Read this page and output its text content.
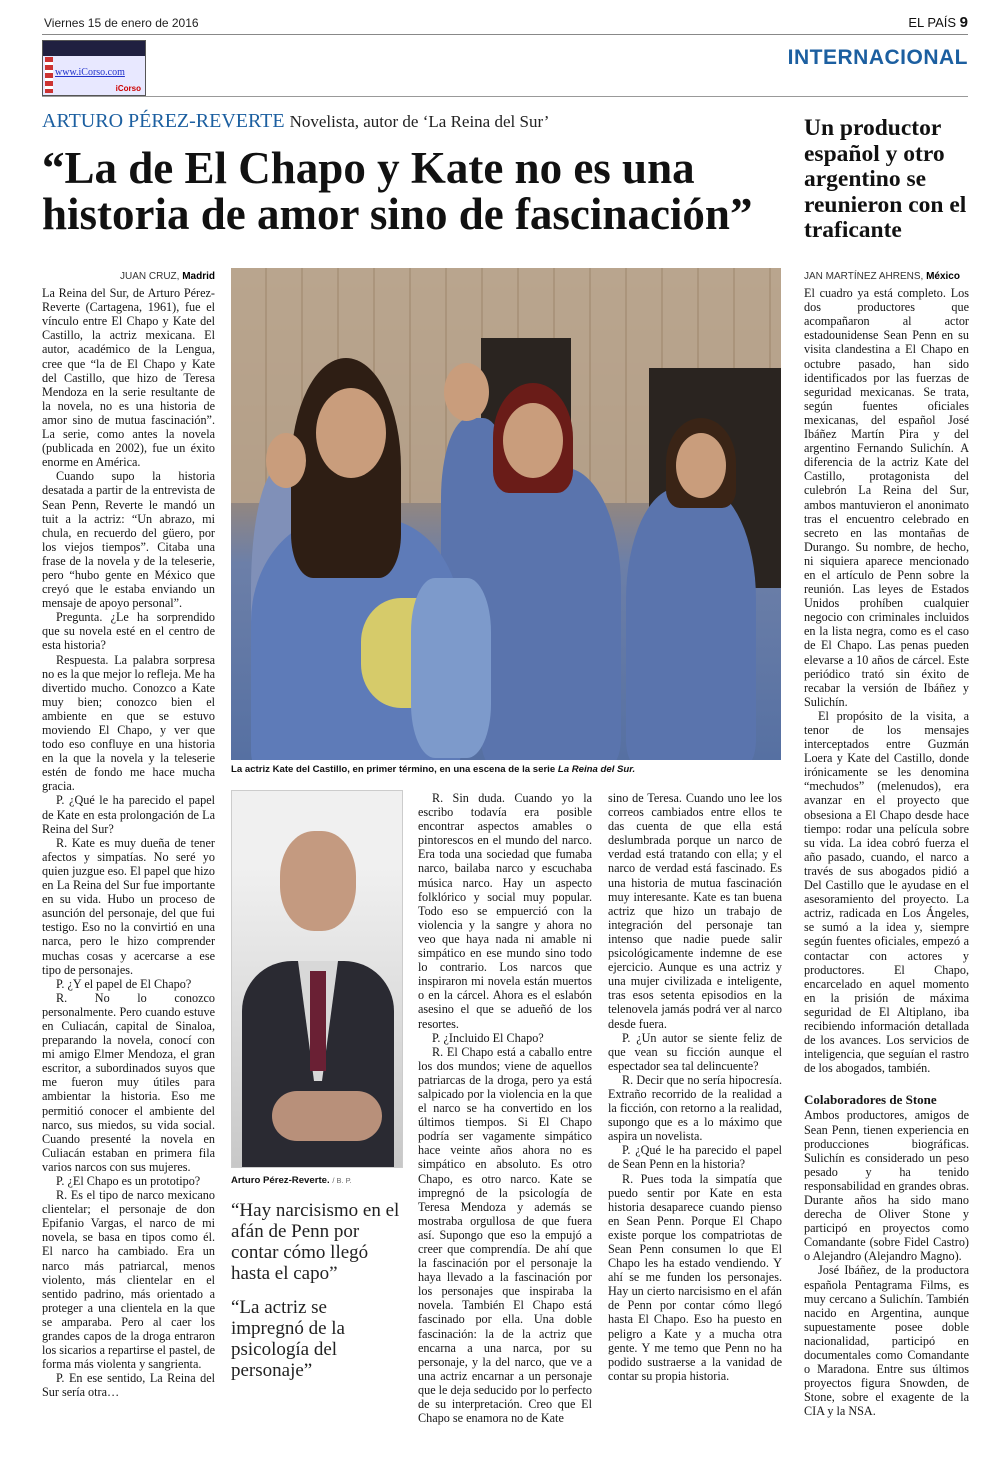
Viernes 15 de enero de 2016	EL PAÍS 9
www.iCorso.com
iCorso
INTERNACIONAL
ARTURO PÉREZ-REVERTE Novelista, autor de ‘La Reina del Sur’
“La de El Chapo y Kate no es una historia de amor sino de fascinación”
Un productor español y otro argentino se reunieron con el traficante
JUAN CRUZ, Madrid

La Reina del Sur, de Arturo Pérez-Reverte (Cartagena, 1961), fue el vínculo entre El Chapo y Kate del Castillo, la actriz mexicana. El autor, académico de la Lengua, cree que “la de El Chapo y Kate del Castillo, que hizo de Teresa Mendoza en la serie resultante de la novela, no es una historia de amor sino de mutua fascinación”. La serie, como antes la novela (publicada en 2002), fue un éxito enorme en América.

Cuando supo la historia desatada a partir de la entrevista de Sean Penn, Reverte le mandó un tuit a la actriz: “Un abrazo, mi chula, en recuerdo del güero, por los viejos tiempos”. Citaba una frase de la novela y de la teleserie, pero “hubo gente en México que creyó que le estaba enviando un mensaje de apoyo personal”.

Pregunta. ¿Le ha sorprendido que su novela esté en el centro de esta historia?

Respuesta. La palabra sorpresa no es la que mejor lo refleja. Me ha divertido mucho. Conozco a Kate muy bien; conozco bien el ambiente en que se estuvo moviendo El Chapo, y ver que todo eso confluye en una historia en la que la novela y la teleserie estén de fondo me hace mucha gracia.

P. ¿Qué le ha parecido el papel de Kate en esta prolongación de La Reina del Sur?

R. Kate es muy dueña de tener afectos y simpatías. No seré yo quien juzgue eso. El papel que hizo en La Reina del Sur fue importante en su vida. Hubo un proceso de asunción del personaje, del que fui testigo. Eso no la convirtió en una narca, pero le hizo comprender muchas cosas y acercarse a ese tipo de personajes.

P. ¿Y el papel de El Chapo?

R. No lo conozco personalmente. Pero cuando estuve en Culiacán, capital de Sinaloa, preparando la novela, conocí con mi amigo Elmer Mendoza, el gran escritor, a subordinados suyos que me fueron muy útiles para ambientar la historia. Eso me permitió conocer el ambiente del narco, sus miedos, su vida social. Cuando presenté la novela en Culiacán estaban en primera fila varios narcos con sus mujeres.

P. ¿El Chapo es un prototipo?

R. Es el tipo de narco mexicano clientelar; el personaje de don Epifanio Vargas, el narco de mi novela, se basa en tipos como él. El narco ha cambiado. Era un narco más patriarcal, menos violento, más clientelar en el sentido padrino, más orientado a proteger a una clientela en la que se amparaba. Pero al caer los grandes capos de la droga entraron los sicarios a repartirse el pastel, de forma más violenta y sangrienta.

P. En ese sentido, La Reina del Sur sería otra…

La actriz Kate del Castillo, en primer término, en una escena de la serie La Reina del Sur.
Arturo Pérez-Reverte. / B. P.
“Hay narcisismo en el afán de Penn por contar cómo llegó hasta el capo”
“La actriz se impregnó de la psicología del personaje”

R. Sin duda. Cuando yo la escribo todavía era posible encontrar aspectos amables o pintorescos en el mundo del narco. Era toda una sociedad que fumaba narco, bailaba narco y escuchaba música narco. Hay un aspecto folklórico y social muy popular. Todo eso se empuerció con la violencia y la sangre y ahora no veo que haya nada ni amable ni simpático en ese mundo sino todo lo contrario. Los narcos que inspiraron mi novela están muertos o en la cárcel. Ahora es el eslabón asesino el que se adueñó de los resortes.

P. ¿Incluido El Chapo?

R. El Chapo está a caballo entre los dos mundos; viene de aquellos patriarcas de la droga, pero ya está salpicado por la violencia en la que el narco se ha convertido en los últimos tiempos. Si El Chapo podría ser vagamente simpático hace veinte años ahora no es simpático en absoluto. Es otro Chapo, es otro narco. Kate se impregnó de la psicología de Teresa Mendoza y además se mostraba orgullosa de que fuera así. Supongo que eso la empujó a creer que comprendía. De ahí que la fascinación por el personaje la haya llevado a la fascinación por los personajes que inspiraba la novela. También El Chapo está fascinado por ella. Una doble fascinación: la de la actriz que encarna a una narca, por su personaje, y la del narco, que ve a una actriz encarnar a un personaje que le deja seducido por lo perfecto de su interpretación. Creo que El Chapo se enamora no de Kate

sino de Teresa. Cuando uno lee los correos cambiados entre ellos te das cuenta de que ella está deslumbrada porque un narco de verdad está tratando con ella; y el narco de verdad está fascinado. Es una historia de mutua fascinación muy interesante. Kate es tan buena actriz que hizo un trabajo de integración del personaje tan intenso que nadie puede salir psicológicamente indemne de ese ejercicio. Aunque es una actriz y una mujer civilizada e inteligente, tras esos setenta episodios en la telenovela jamás podrá ver al narco desde fuera.

P. ¿Un autor se siente feliz de que vean su ficción aunque el espectador sea tal delincuente?

R. Decir que no sería hipocresía. Extraño recorrido de la realidad a la ficción, con retorno a la realidad, supongo que es a lo máximo que aspira un novelista.

P. ¿Qué le ha parecido el papel de Sean Penn en la historia?

R. Pues toda la simpatía que puedo sentir por Kate en esta historia desaparece cuando pienso en Sean Penn. Porque El Chapo existe porque los compatriotas de Sean Penn consumen lo que El Chapo les ha estado vendiendo. Y ahí se me funden los personajes. Hay un cierto narcisismo en el afán de Penn por contar cómo llegó hasta El Chapo. Eso ha puesto en peligro a Kate y a mucha otra gente. Y me temo que Penn no ha podido sustraerse a la vanidad de contar su propia historia.

JAN MARTÍNEZ AHRENS, México

El cuadro ya está completo. Los dos productores que acompañaron al actor estadounidense Sean Penn en su visita clandestina a El Chapo en octubre pasado, han sido identificados por las fuerzas de seguridad mexicanas. Se trata, según fuentes oficiales mexicanas, del español José Ibáñez Martín Pira y del argentino Fernando Sulichín. A diferencia de la actriz Kate del Castillo, protagonista del culebrón La Reina del Sur, ambos mantuvieron el anonimato tras el encuentro celebrado en secreto en las montañas de Durango. Su nombre, de hecho, ni siquiera aparece mencionado en el artículo de Penn sobre la reunión. Las leyes de Estados Unidos prohíben cualquier negocio con criminales incluidos en la lista negra, como es el caso de El Chapo. Las penas pueden elevarse a 10 años de cárcel. Este periódico trató sin éxito de recabar la versión de Ibáñez y Sulichín.

El propósito de la visita, a tenor de los mensajes interceptados entre Guzmán Loera y Kate del Castillo, donde irónicamente se les denomina “mechudos” (melenudos), era avanzar en el proyecto que obsesiona a El Chapo desde hace tiempo: rodar una película sobre su vida. La idea cobró fuerza el año pasado, cuando, el narco a través de sus abogados pidió a Del Castillo que le ayudase en el asesoramiento del proyecto. La actriz, radicada en Los Ángeles, se sumó a la idea y, siempre según fuentes oficiales, empezó a contactar con actores y productores. El Chapo, encarcelado en aquel momento en la prisión de máxima seguridad de El Altiplano, iba recibiendo información detallada de los avances. Los servicios de inteligencia, que seguían el rastro de los abogados, también.

Colaboradores de Stone

Ambos productores, amigos de Sean Penn, tienen experiencia en producciones biográficas. Sulichín es considerado un peso pesado y ha tenido responsabilidad en grandes obras. Durante años ha sido mano derecha de Oliver Stone y participó en proyectos como Comandante (sobre Fidel Castro) o Alejandro (Alejandro Magno).

José Ibáñez, de la productora española Pentagrama Films, es muy cercano a Sulichín. También nacido en Argentina, aunque supuestamente posee doble nacionalidad, participó en documentales como Comandante o Maradona. Entre sus últimos proyectos figura Snowden, de Stone, sobre el exagente de la CIA y la NSA.
